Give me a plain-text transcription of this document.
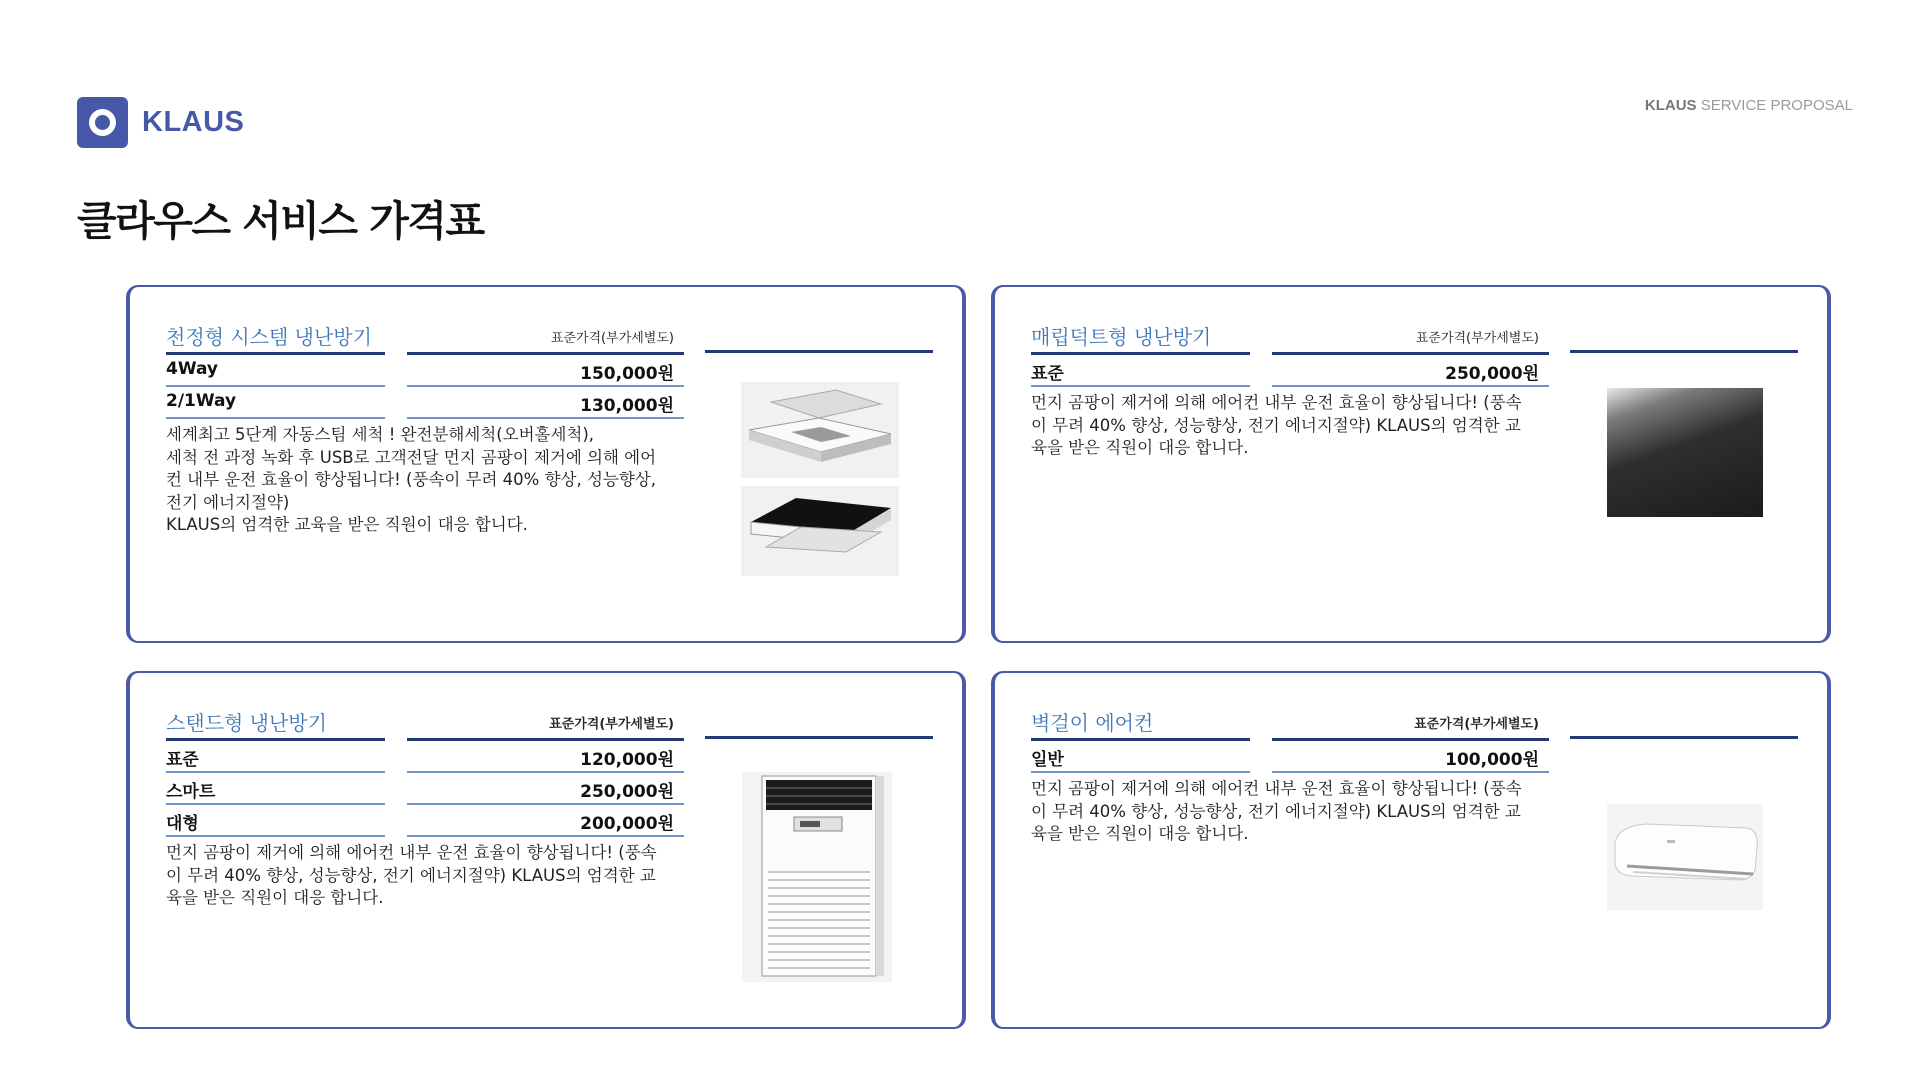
KLAUS
KLAUS SERVICE PROPOSAL
클라우스 서비스 가격표
천정형 시스템 냉난방기	표준가격(부가세별도)
4Way	150,000원
2/1Way	130,000원

세계최고 5단계 자동스팀 세척 ! 완전분해세척(오버홀세척),
세척 전 과정 녹화 후 USB로 고객전달 먼지 곰팡이 제거에 의해 에어
컨 내부 운전 효율이 향상됩니다! (풍속이 무려 40% 향상, 성능향상,
전기 에너지절약)
KLAUS의 엄격한 교육을 받은 직원이 대응 합니다.

매립덕트형 냉난방기	표준가격(부가세별도)
표준	250,000원

먼지 곰팡이 제거에 의해 에어컨 내부 운전 효율이 향상됩니다! (풍속
이 무려 40% 향상, 성능향상, 전기 에너지절약) KLAUS의 엄격한 교
육을 받은 직원이 대응 합니다.

스탠드형 냉난방기	표준가격(부가세별도)
표준	120,000원
스마트	250,000원
대형	200,000원

먼지 곰팡이 제거에 의해 에어컨 내부 운전 효율이 향상됩니다! (풍속
이 무려 40% 향상, 성능향상, 전기 에너지절약) KLAUS의 엄격한 교
육을 받은 직원이 대응 합니다.

벽걸이 에어컨	표준가격(부가세별도)
일반	100,000원

먼지 곰팡이 제거에 의해 에어컨 내부 운전 효율이 향상됩니다! (풍속
이 무려 40% 향상, 성능향상, 전기 에너지절약) KLAUS의 엄격한 교
육을 받은 직원이 대응 합니다.
